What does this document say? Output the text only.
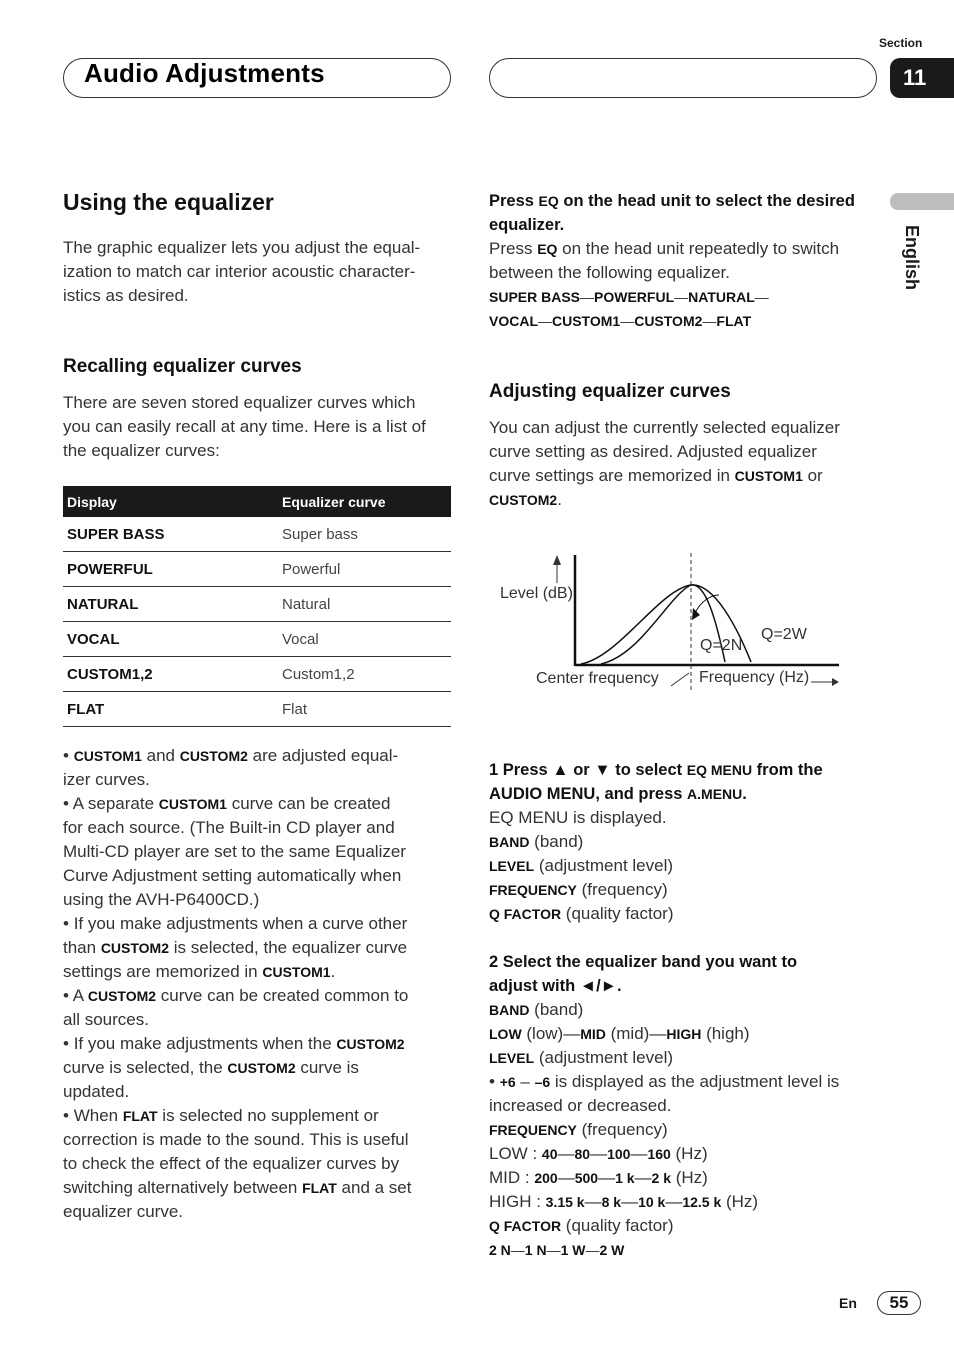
Audio Adjustments
Section
11
English
Using the equalizer
The graphic equalizer lets you adjust the equal-
ization to match car interior acoustic character-
istics as desired.
Recalling equalizer curves
There are seven stored equalizer curves which
you can easily recall at any time. Here is a list of
the equalizer curves:
Display	Equalizer curve
SUPER BASS	Super bass
POWERFUL	Powerful
NATURAL	Natural
VOCAL	Vocal
CUSTOM1,2	Custom1,2
FLAT	Flat
• CUSTOM1 and CUSTOM2 are adjusted equal-
izer curves.
• A separate CUSTOM1 curve can be created
for each source. (The Built-in CD player and
Multi-CD player are set to the same Equalizer
Curve Adjustment setting automatically when
using the AVH-P6400CD.)
• If you make adjustments when a curve other
than CUSTOM2 is selected, the equalizer curve
settings are memorized in CUSTOM1.
• A CUSTOM2 curve can be created common to
all sources.
• If you make adjustments when the CUSTOM2
curve is selected, the CUSTOM2 curve is
updated.
• When FLAT is selected no supplement or
correction is made to the sound. This is useful
to check the effect of the equalizer curves by
switching alternatively between FLAT and a set
equalizer curve.
Press EQ on the head unit to select the desired
equalizer.
Press EQ on the head unit repeatedly to switch
between the following equalizer.
SUPER BASS—POWERFUL—NATURAL—
VOCAL—CUSTOM1—CUSTOM2—FLAT
Adjusting equalizer curves
You can adjust the currently selected equalizer
curve setting as desired. Adjusted equalizer
curve settings are memorized in CUSTOM1 or
CUSTOM2.
Level (dB)
Q=2N
Q=2W
Center frequency	Frequency (Hz)
1 Press ▲ or ▼ to select EQ MENU from the
AUDIO MENU, and press A.MENU.
EQ MENU is displayed.
BAND (band)
LEVEL (adjustment level)
FREQUENCY (frequency)
Q FACTOR (quality factor)
2 Select the equalizer band you want to
adjust with ◄/►.
BAND (band)
LOW (low)—MID (mid)—HIGH (high)
LEVEL (adjustment level)
• +6 – –6 is displayed as the adjustment level is
increased or decreased.
FREQUENCY (frequency)
LOW : 40—80—100—160 (Hz)
MID : 200—500—1 k—2 k (Hz)
HIGH : 3.15 k—8 k—10 k—12.5 k (Hz)
Q FACTOR (quality factor)
2 N—1 N—1 W—2 W
En	55
